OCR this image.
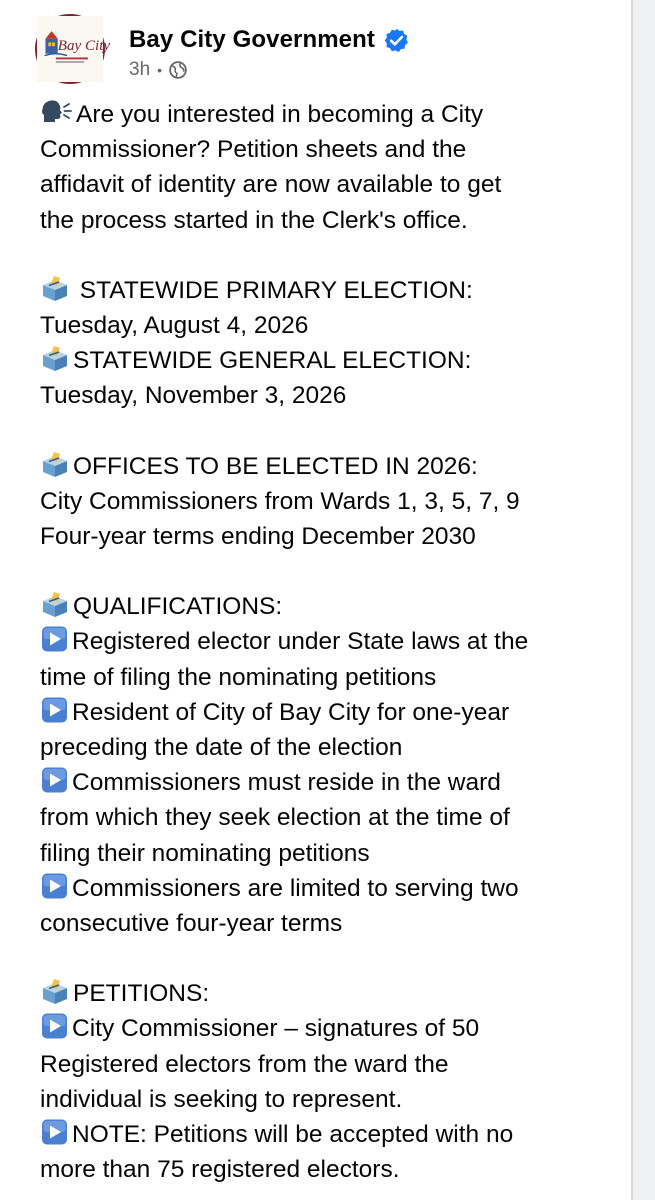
Bay City Bay City Government
3h •
Are you interested in becoming a City
Commissioner? Petition sheets and the
affidavit of identity are now available to get
the process started in the Clerk's office.
STATEWIDE PRIMARY ELECTION:
Tuesday, August 4, 2026
STATEWIDE GENERAL ELECTION:
Tuesday, November 3, 2026
OFFICES TO BE ELECTED IN 2026:
City Commissioners from Wards 1, 3, 5, 7, 9
Four-year terms ending December 2030
QUALIFICATIONS:
Registered elector under State laws at the
time of filing the nominating petitions
Resident of City of Bay City for one-year
preceding the date of the election
Commissioners must reside in the ward
from which they seek election at the time of
filing their nominating petitions
Commissioners are limited to serving two
consecutive four-year terms
PETITIONS:
City Commissioner – signatures of 50
Registered electors from the ward the
individual is seeking to represent.
NOTE: Petitions will be accepted with no
more than 75 registered electors.
